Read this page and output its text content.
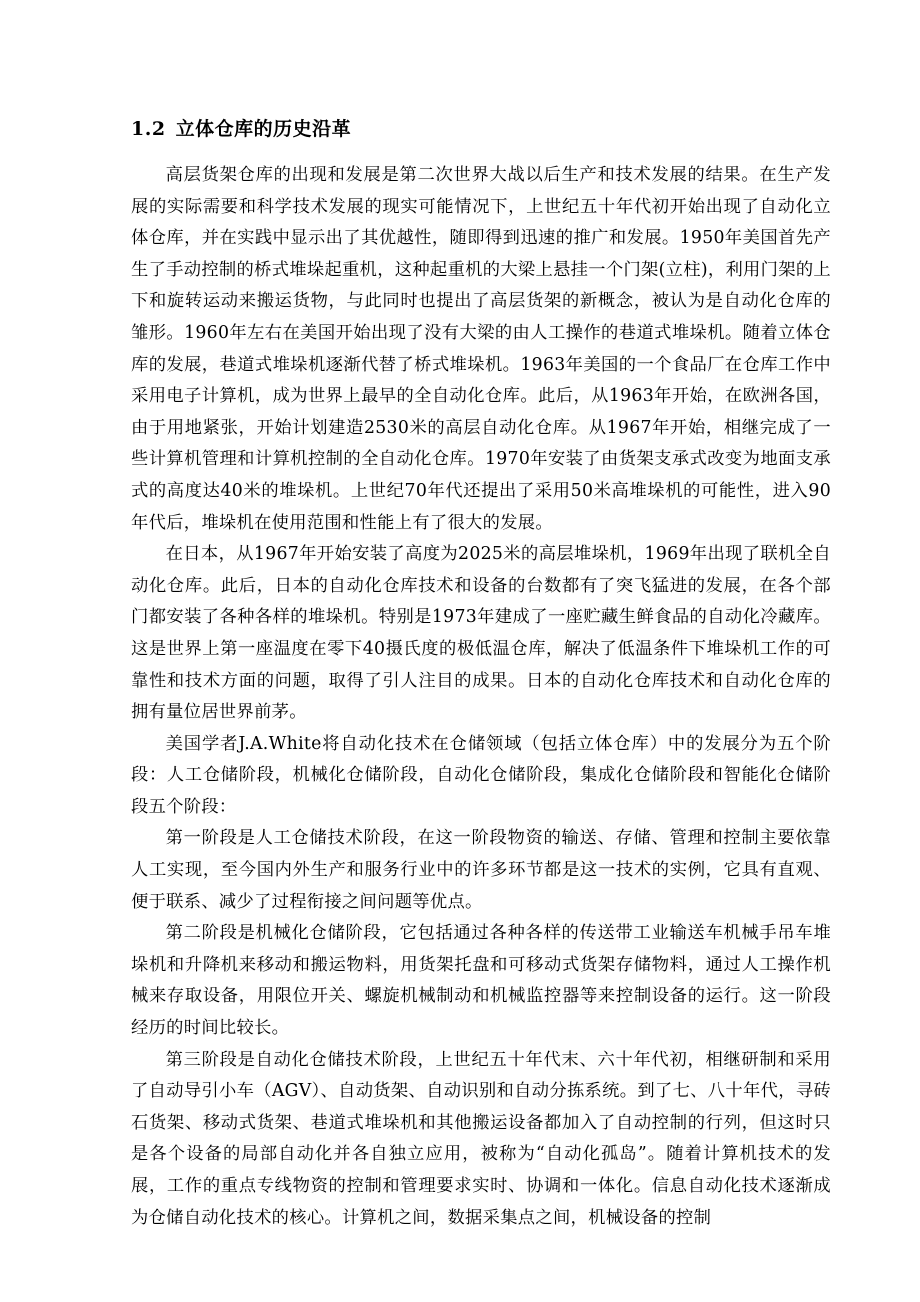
1.2 立体仓库的历史沿革

高层货架仓库的出现和发展是第二次世界大战以后生产和技术发展的结果。在生产发展的实际需要和科学技术发展的现实可能情况下，上世纪五十年代初开始出现了自动化立体仓库，并在实践中显示出了其优越性，随即得到迅速的推广和发展。1950年美国首先产生了手动控制的桥式堆垛起重机，这种起重机的大梁上悬挂一个门架(立柱)，利用门架的上下和旋转运动来搬运货物，与此同时也提出了高层货架的新概念，被认为是自动化仓库的雏形。1960年左右在美国开始出现了没有大梁的由人工操作的巷道式堆垛机。随着立体仓库的发展，巷道式堆垛机逐渐代替了桥式堆垛机。1963年美国的一个食品厂在仓库工作中采用电子计算机，成为世界上最早的全自动化仓库。此后，从1963年开始，在欧洲各国，由于用地紧张，开始计划建造2530米的高层自动化仓库。从1967年开始，相继完成了一些计算机管理和计算机控制的全自动化仓库。1970年安装了由货架支承式改变为地面支承式的高度达40米的堆垛机。上世纪70年代还提出了采用50米高堆垛机的可能性，进入90年代后，堆垛机在使用范围和性能上有了很大的发展。

在日本，从1967年开始安装了高度为2025米的高层堆垛机，1969年出现了联机全自动化仓库。此后，日本的自动化仓库技术和设备的台数都有了突飞猛进的发展，在各个部门都安装了各种各样的堆垛机。特别是1973年建成了一座贮藏生鲜食品的自动化冷藏库。这是世界上第一座温度在零下40摄氏度的极低温仓库，解决了低温条件下堆垛机工作的可靠性和技术方面的问题，取得了引人注目的成果。日本的自动化仓库技术和自动化仓库的拥有量位居世界前茅。

美国学者J.A.White将自动化技术在仓储领域（包括立体仓库）中的发展分为五个阶段：人工仓储阶段，机械化仓储阶段，自动化仓储阶段，集成化仓储阶段和智能化仓储阶段五个阶段：

第一阶段是人工仓储技术阶段，在这一阶段物资的输送、存储、管理和控制主要依靠人工实现，至今国内外生产和服务行业中的许多环节都是这一技术的实例，它具有直观、便于联系、减少了过程衔接之间问题等优点。

第二阶段是机械化仓储阶段，它包括通过各种各样的传送带工业输送车机械手吊车堆垛机和升降机来移动和搬运物料，用货架托盘和可移动式货架存储物料，通过人工操作机械来存取设备，用限位开关、螺旋机械制动和机械监控器等来控制设备的运行。这一阶段经历的时间比较长。

第三阶段是自动化仓储技术阶段，上世纪五十年代末、六十年代初，相继研制和采用了自动导引小车（AGV）、自动货架、自动识别和自动分拣系统。到了七、八十年代，寻砖石货架、移动式货架、巷道式堆垛机和其他搬运设备都加入了自动控制的行列，但这时只是各个设备的局部自动化并各自独立应用，被称为“自动化孤岛”。随着计算机技术的发展，工作的重点专线物资的控制和管理要求实时、协调和一体化。信息自动化技术逐渐成为仓储自动化技术的核心。计算机之间，数据采集点之间，机械设备的控制
